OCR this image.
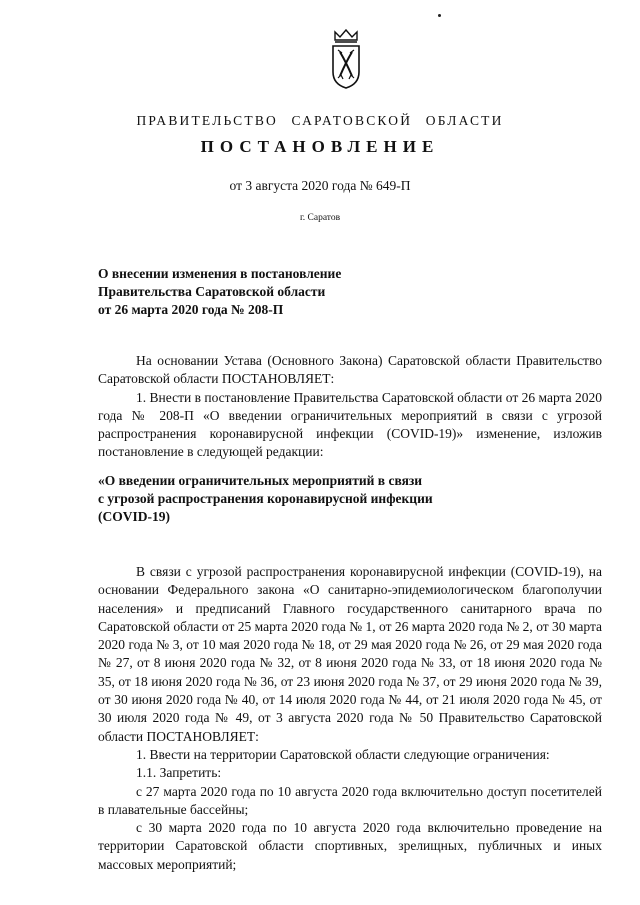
ПРАВИТЕЛЬСТВО САРАТОВСКОЙ ОБЛАСТИ
ПОСТАНОВЛЕНИЕ
от 3 августа 2020 года № 649-П
г. Саратов
О внесении изменения в постановление
Правительства Саратовской области
от 26 марта 2020 года № 208-П

На основании Устава (Основного Закона) Саратовской области Правительство Саратовской области ПОСТАНОВЛЯЕТ:

1. Внести в постановление Правительства Саратовской области от 26 марта 2020 года № 208-П «О введении ограничительных мероприятий в связи с угрозой распространения коронавирусной инфекции (COVID-19)» изменение, изложив постановление в следующей редакции:

«О введении ограничительных мероприятий в связи
с угрозой распространения коронавирусной инфекции
(COVID-19)

В связи с угрозой распространения коронавирусной инфекции (COVID-19), на основании Федерального закона «О санитарно-эпидемиологическом благополучии населения» и предписаний Главного государственного санитарного врача по Саратовской области от 25 марта 2020 года № 1, от 26 марта 2020 года № 2, от 30 марта 2020 года № 3, от 10 мая 2020 года № 18, от 29 мая 2020 года № 26, от 29 мая 2020 года № 27, от 8 июня 2020 года № 32, от 8 июня 2020 года № 33, от 18 июня 2020 года № 35, от 18 июня 2020 года № 36, от 23 июня 2020 года № 37, от 29 июня 2020 года № 39, от 30 июня 2020 года № 40, от 14 июля 2020 года № 44, от 21 июля 2020 года № 45, от 30 июля 2020 года № 49, от 3 августа 2020 года № 50 Правительство Саратовской области ПОСТАНОВЛЯЕТ:

1. Ввести на территории Саратовской области следующие ограничения:

1.1. Запретить:

с 27 марта 2020 года по 10 августа 2020 года включительно доступ посетителей в плавательные бассейны;

с 30 марта 2020 года по 10 августа 2020 года включительно проведение на территории Саратовской области спортивных, зрелищных, публичных и иных массовых мероприятий;
